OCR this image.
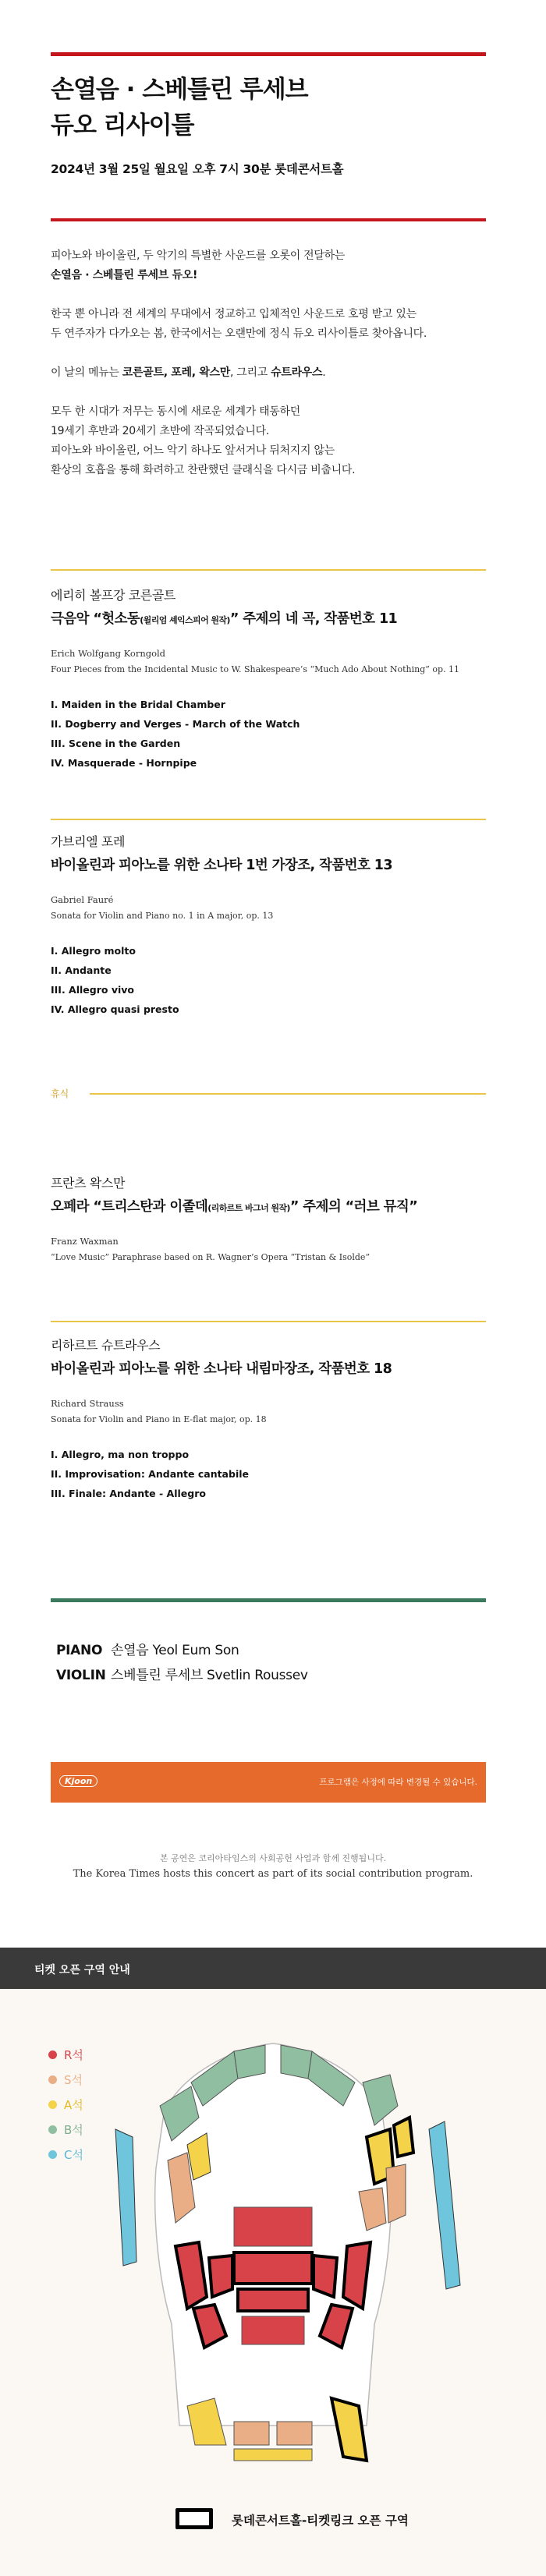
손열음 · 스베틀린 루세브
듀오 리사이틀
2024년 3월 25일 월요일 오후 7시 30분 롯데콘서트홀

피아노와 바이올린, 두 악기의 특별한 사운드를 오롯이 전달하는
손열음 · 스베틀린 루세브 듀오!

한국 뿐 아니라 전 세계의 무대에서 정교하고 입체적인 사운드로 호평 받고 있는
두 연주자가 다가오는 봄, 한국에서는 오랜만에 정식 듀오 리사이틀로 찾아옵니다.

이 날의 메뉴는 코른골트, 포레, 왁스만, 그리고 슈트라우스.

모두 한 시대가 저무는 동시에 새로운 세계가 태동하던
19세기 후반과 20세기 초반에 작곡되었습니다.
피아노와 바이올린, 어느 악기 하나도 앞서거나 뒤처지지 않는
환상의 호흡을 통해 화려하고 찬란했던 클래식을 다시금 비춥니다.

에리히 볼프강 코른골트

극음악 “헛소동(윌리엄 셰익스피어 원작)” 주제의 네 곡, 작품번호 11

Erich Wolfgang Korngold

Four Pieces from the Incidental Music to W. Shakespeare’s “Much Ado About Nothing” op. 11

I. Maiden in the Bridal Chamber

II. Dogberry and Verges - March of the Watch

III. Scene in the Garden

IV. Masquerade - Hornpipe

가브리엘 포레

바이올린과 피아노를 위한 소나타 1번 가장조, 작품번호 13

Gabriel Fauré

Sonata for Violin and Piano no. 1 in A major, op. 13

I. Allegro molto

II. Andante

III. Allegro vivo

IV. Allegro quasi presto

휴식

프란츠 왁스만

오페라 “트리스탄과 이졸데(리하르트 바그너 원작)” 주제의 “러브 뮤직”

Franz Waxman

“Love Music” Paraphrase based on R. Wagner’s Opera “Tristan & Isolde”

리하르트 슈트라우스

바이올린과 피아노를 위한 소나타 내림마장조, 작품번호 18

Richard Strauss

Sonata for Violin and Piano in E-flat major, op. 18

I. Allegro, ma non troppo

II. Improvisation: Andante cantabile

III. Finale: Andante - Allegro

PIANO 손열음 Yeol Eum Son
VIOLIN 스베틀린 루세브 Svetlin Roussev
Kjoon	프로그램은 사정에 따라 변경될 수 있습니다.
본 공연은 코리아타임스의 사회공헌 사업과 함께 진행됩니다.
The Korea Times hosts this concert as part of its social contribution program.
티켓 오픈 구역 안내
R석
S석
A석
B석
C석
롯데콘서트홀-티켓링크 오픈 구역
